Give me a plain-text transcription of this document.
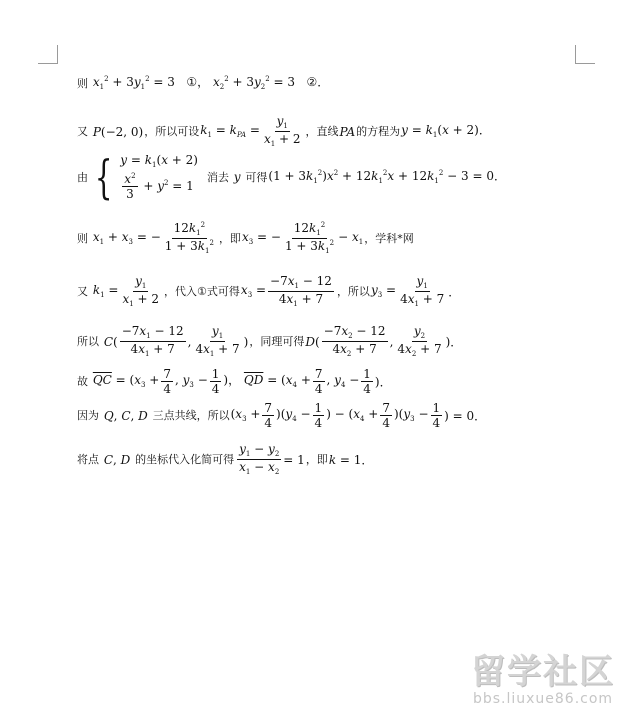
则 $x_1^2 + 3y_1^2 = 3$   ①， $x_2^2 + 3y_2^2 = 3$   ②．
又 P(−2, 0) ，所以可设 $k_1 = k_{PA} = \frac{y_1}{x_1 + 2}$ ，直线 PA 的方程为 $y = k_1(x + 2)$．
由 { $y = k_1(x + 2)$
$\frac{x^2}{3} + y^2 = 1$
消去 y 可得 $(1 + 3k_1^2)x^2 + 12k_1^2x + 12k_1^2 - 3 = 0$．
则 $x_1 + x_3$ = − $\frac{12k_1^2}{1 + 3k_1^2}$ ，即 $x_3$ = − $\frac{12k_1^2}{1 + 3k_1^2} - x_1$ ，学科*网
又 $k_1 = \frac{y_1}{x_1 + 2}$ ，代入①式可得 $x_3 = \frac{-7x_1 - 12}{4x_1 + 7}$ ，所以 $y_3 = \frac{y_1}{4x_1 + 7}$ ．
所以 $C( \frac{-7x_1 - 12}{4x_1 + 7}$ , $\frac{y_1}{4x_1 + 7}$ ) ，同理可得 $D( \frac{-7x_2 - 12}{4x_2 + 7}$ , $\frac{y_2}{4x_2 + 7}$ )．
故 $\overline{QC} = (x_3 + \frac{7}{4}$ , $y_3 - \frac{1}{4}$ )， $\overline{QD} = (x_4 + \frac{7}{4}$ , $y_4 - \frac{1}{4}$ )．
因为 Q, C, D 三点共线，所以 $(x_3 + \frac{7}{4} )(y_4 - \frac{1}{4}$ ) − $(x_4 + \frac{7}{4} )(y_3 - \frac{1}{4}$ ) = 0．
将点 C, D 的坐标代入化简可得 $\frac{y_1 - y_2}{x_1 - x_2} = 1$ ，即 k = 1．
留学社区
bbs.liuxue86.com
